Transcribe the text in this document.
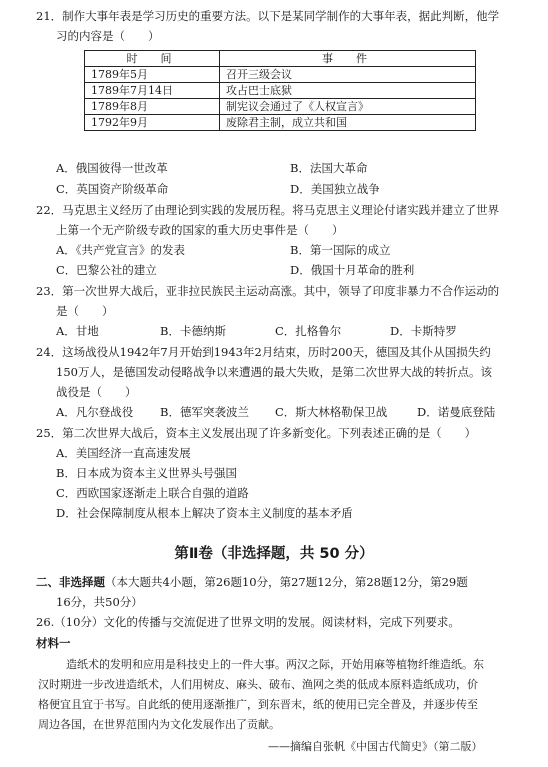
21．制作大事年表是学习历史的重要方法。以下是某同学制作的大事年表，据此判断，他学
习的内容是（　　）
时　间	事　件
1789年5月	召开三级会议
1789年7月14日	攻占巴士底狱
1789年8月	制宪议会通过了《人权宣言》
1792年9月	废除君主制，成立共和国
A．俄国彼得一世改革	B．法国大革命
C．英国资产阶级革命	D．美国独立战争
22．马克思主义经历了由理论到实践的发展历程。将马克思主义理论付诸实践并建立了世界
上第一个无产阶级专政的国家的重大历史事件是（　　）
A．《共产党宣言》的发表	B．第一国际的成立
C．巴黎公社的建立	D．俄国十月革命的胜利
23．第一次世界大战后，亚非拉民族民主运动高涨。其中，领导了印度非暴力不合作运动的
是（　　）
A．甘地	B．卡德纳斯	C．扎格鲁尔	D．卡斯特罗
24．这场战役从1942年7月开始到1943年2月结束，历时200天，德国及其仆从国损失约
150万人，是德国发动侵略战争以来遭遇的最大失败，是第二次世界大战的转折点。该
战役是（　　）
A．凡尔登战役 B．德军突袭波兰 C．斯大林格勒保卫战	D．诺曼底登陆
25．第二次世界大战后，资本主义发展出现了许多新变化。下列表述正确的是（　　）
A．美国经济一直高速发展
B．日本成为资本主义世界头号强国
C．西欧国家逐渐走上联合自强的道路
D．社会保障制度从根本上解决了资本主义制度的基本矛盾
第Ⅱ卷（非选择题，共 50 分）
二、非选择题（本大题共4小题，第26题10分，第27题12分，第28题12分，第29题
16分，共50分）
26.（10分）文化的传播与交流促进了世界文明的发展。阅读材料，完成下列要求。
材料一
造纸术的发明和应用是科技史上的一件大事。两汉之际，开始用麻等植物纤维造纸。东
汉时期进一步改进造纸术，人们用树皮、麻头、破布、渔网之类的低成本原料造纸成功，价
格便宜且宜于书写。自此纸的使用逐渐推广，到东晋末，纸的使用已完全普及，并逐步传至
周边各国，在世界范围内为文化发展作出了贡献。
——摘编自张帆《中国古代简史》（第二版）
